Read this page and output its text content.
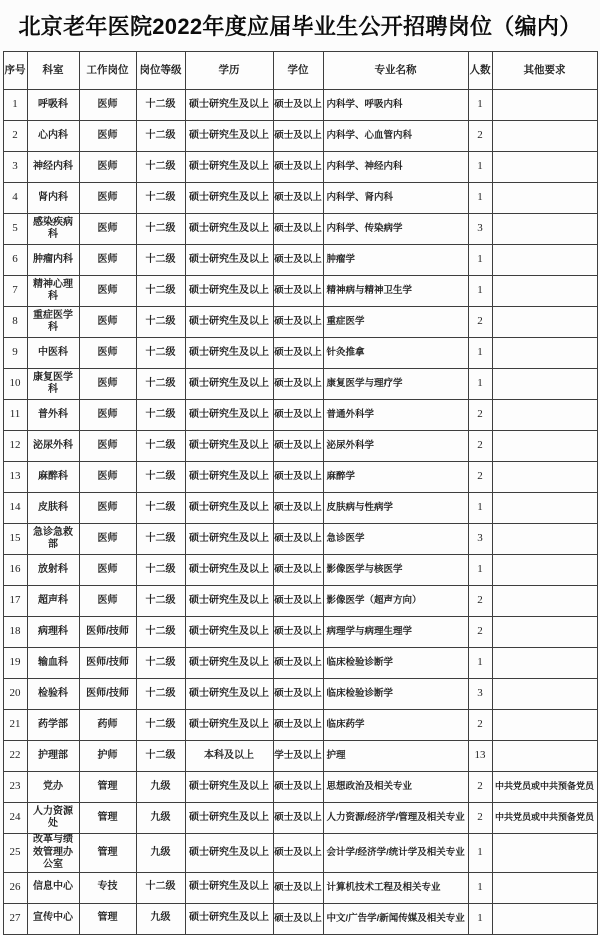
北京老年医院2022年度应届毕业生公开招聘岗位（编内）
序号	科室	工作岗位	岗位等级	学历	学位	专业名称	人数	其他要求
1	呼吸科	医师	十二级	硕士研究生及以上	硕士及以上	内科学、呼吸内科	1	
2	心内科	医师	十二级	硕士研究生及以上	硕士及以上	内科学、心血管内科	2	
3	神经内科	医师	十二级	硕士研究生及以上	硕士及以上	内科学、神经内科	1	
4	肾内科	医师	十二级	硕士研究生及以上	硕士及以上	内科学、肾内科	1	
5	感染疾病科	医师	十二级	硕士研究生及以上	硕士及以上	内科学、传染病学	3	
6	肿瘤内科	医师	十二级	硕士研究生及以上	硕士及以上	肿瘤学	1	
7	精神心理科	医师	十二级	硕士研究生及以上	硕士及以上	精神病与精神卫生学	1	
8	重症医学科	医师	十二级	硕士研究生及以上	硕士及以上	重症医学	2	
9	中医科	医师	十二级	硕士研究生及以上	硕士及以上	针灸推拿	1	
10	康复医学科	医师	十二级	硕士研究生及以上	硕士及以上	康复医学与理疗学	1	
11	普外科	医师	十二级	硕士研究生及以上	硕士及以上	普通外科学	2	
12	泌尿外科	医师	十二级	硕士研究生及以上	硕士及以上	泌尿外科学	2	
13	麻醉科	医师	十二级	硕士研究生及以上	硕士及以上	麻醉学	2	
14	皮肤科	医师	十二级	硕士研究生及以上	硕士及以上	皮肤病与性病学	1	
15	急诊急救部	医师	十二级	硕士研究生及以上	硕士及以上	急诊医学	3	
16	放射科	医师	十二级	硕士研究生及以上	硕士及以上	影像医学与核医学	1	
17	超声科	医师	十二级	硕士研究生及以上	硕士及以上	影像医学（超声方向）	2	
18	病理科	医师/技师	十二级	硕士研究生及以上	硕士及以上	病理学与病理生理学	2	
19	输血科	医师/技师	十二级	硕士研究生及以上	硕士及以上	临床检验诊断学	1	
20	检验科	医师/技师	十二级	硕士研究生及以上	硕士及以上	临床检验诊断学	3	
21	药学部	药师	十二级	硕士研究生及以上	硕士及以上	临床药学	2	
22	护理部	护师	十二级	本科及以上	学士及以上	护理	13	
23	党办	管理	九级	硕士研究生及以上	硕士及以上	思想政治及相关专业	2	中共党员或中共预备党员
24	人力资源处	管理	九级	硕士研究生及以上	硕士及以上	人力资源/经济学/管理及相关专业	2	中共党员或中共预备党员
25	改革与绩效管理办公室	管理	九级	硕士研究生及以上	硕士及以上	会计学/经济学/统计学及相关专业	1	
26	信息中心	专技	十二级	硕士研究生及以上	硕士及以上	计算机技术工程及相关专业	1	
27	宣传中心	管理	九级	硕士研究生及以上	硕士及以上	中文/广告学/新闻传媒及相关专业	1	
